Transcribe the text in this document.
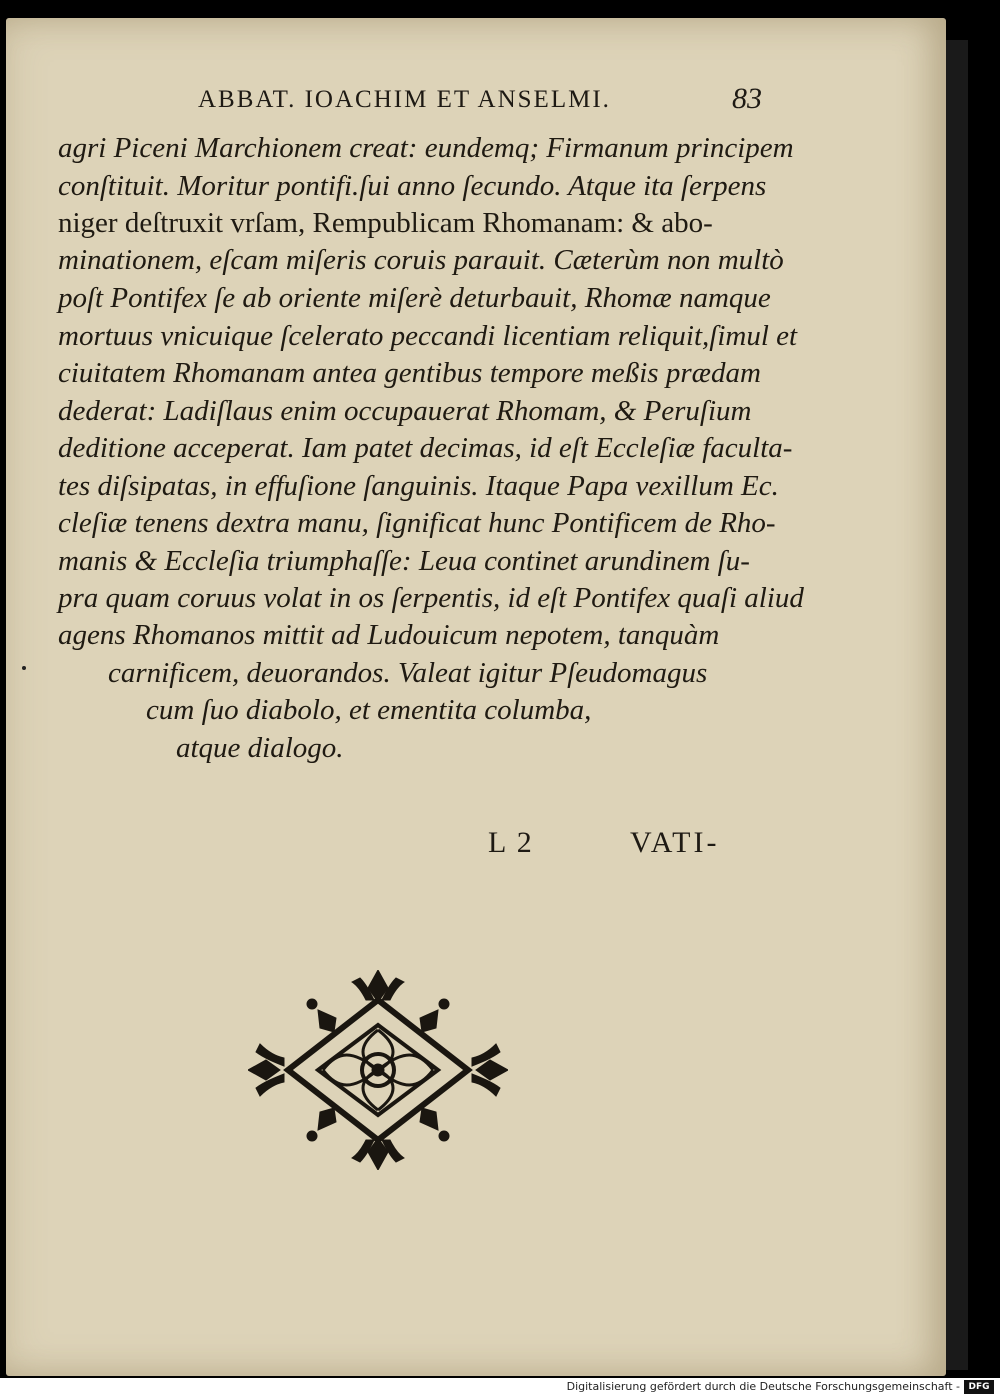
ABBAT. IOACHIM ET ANSELMI.	83
agri Piceni Marchionem creat: eundemq; Firmanum principem
conſtituit. Moritur pontifi.ſui anno ſecundo. Atque ita ſerpens
niger deſtruxit vrſam, Rempublicam Rhomanam: & abo-
minationem, eſcam miſeris coruis parauit. Cæterùm non multò
poſt Pontifex ſe ab oriente miſerè deturbauit, Rhomæ namque
mortuus vnicuique ſcelerato peccandi licentiam reliquit,ſimul et
ciuitatem Rhomanam antea gentibus tempore meßis prædam
dederat: Ladiſlaus enim occupauerat Rhomam, & Peruſium
deditione acceperat. Iam patet decimas, id eſt Eccleſiæ faculta-
tes diſsipatas, in effuſione ſanguinis. Itaque Papa vexillum Ec.
cleſiæ tenens dextra manu, ſignificat hunc Pontificem de Rho-
manis & Eccleſia triumphaſſe: Leua continet arundinem ſu-
pra quam coruus volat in os ſerpentis, id eſt Pontifex quaſi aliud
agens Rhomanos mittit ad Ludouicum nepotem, tanquàm
carnificem, deuorandos. Valeat igitur Pſeudomagus
cum ſuo diabolo, et ementita columba,
atque dialogo.
L 2	VATI-
Digitalisierung gefördert durch die Deutsche Forschungsgemeinschaft - DFG
